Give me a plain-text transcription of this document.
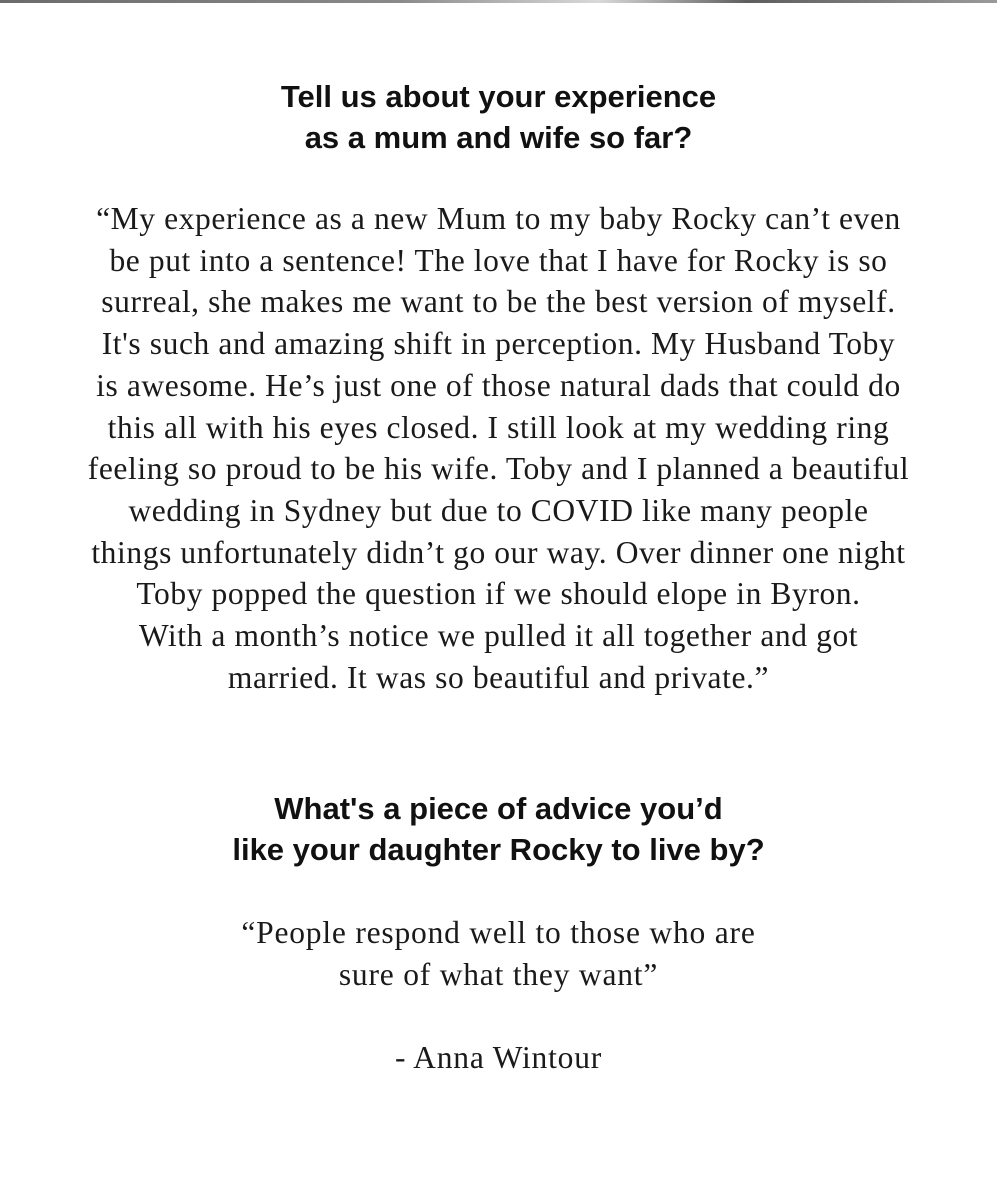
Tell us about your experience
as a mum and wife so far?

“My experience as a new Mum to my baby Rocky can’t even
be put into a sentence! The love that I have for Rocky is so
surreal, she makes me want to be the best version of myself.
It's such and amazing shift in perception. My Husband Toby
is awesome. He’s just one of those natural dads that could do
this all with his eyes closed. I still look at my wedding ring
feeling so proud to be his wife. Toby and I planned a beautiful
wedding in Sydney but due to COVID like many people
things unfortunately didn’t go our way. Over dinner one night
Toby popped the question if we should elope in Byron.
With a month’s notice we pulled it all together and got
married. It was so beautiful and private.”

What's a piece of advice you’d
like your daughter Rocky to live by?

“People respond well to those who are
sure of what they want”

- Anna Wintour
